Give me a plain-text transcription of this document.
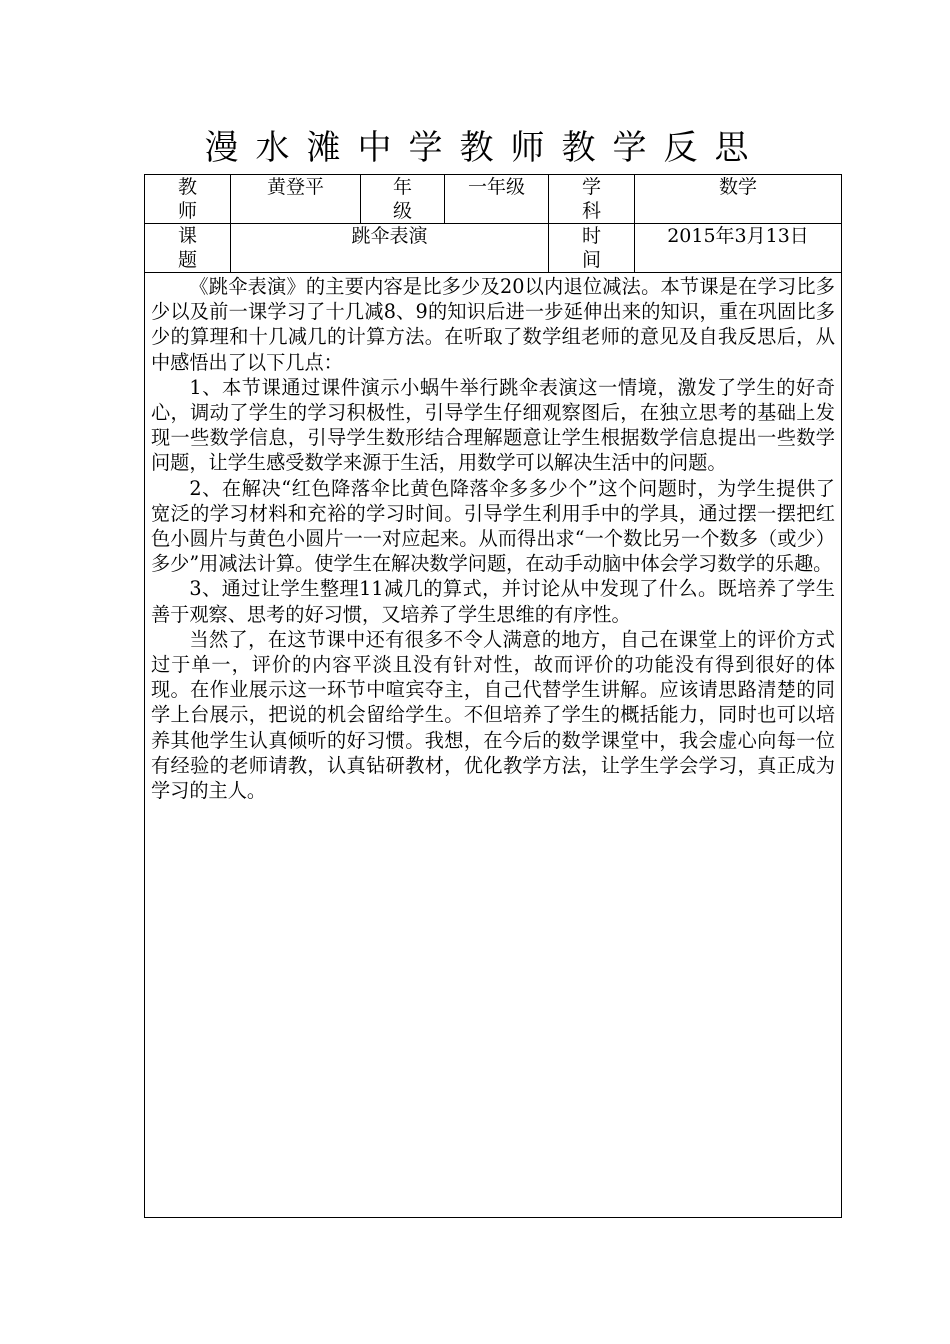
漫水滩中学教师教学反思
教 师	黄登平	年 级	一年级	学 科	数学
课 题	跳伞表演			时 间	2015年3月13日

《跳伞表演》的主要内容是比多少及20以内退位减法。本节课是在学习比多少以及前一课学习了十几减8、9的知识后进一步延伸出来的知识，重在巩固比多少的算理和十几减几的计算方法。在听取了数学组老师的意见及自我反思后，从中感悟出了以下几点：

1、本节课通过课件演示小蜗牛举行跳伞表演这一情境，激发了学生的好奇心，调动了学生的学习积极性，引导学生仔细观察图后，在独立思考的基础上发现一些数学信息，引导学生数形结合理解题意让学生根据数学信息提出一些数学问题，让学生感受数学来源于生活，用数学可以解决生活中的问题。

2、在解决“红色降落伞比黄色降落伞多多少个”这个问题时，为学生提供了宽泛的学习材料和充裕的学习时间。引导学生利用手中的学具，通过摆一摆把红色小圆片与黄色小圆片一一对应起来。从而得出求“一个数比另一个数多（或少）多少”用减法计算。使学生在解决数学问题，在动手动脑中体会学习数学的乐趣。

3、通过让学生整理11减几的算式，并讨论从中发现了什么。既培养了学生善于观察、思考的好习惯，又培养了学生思维的有序性。

当然了，在这节课中还有很多不令人满意的地方，自己在课堂上的评价方式过于单一，评价的内容平淡且没有针对性，故而评价的功能没有得到很好的体现。在作业展示这一环节中喧宾夺主，自己代替学生讲解。应该请思路清楚的同学上台展示，把说的机会留给学生。不但培养了学生的概括能力，同时也可以培养其他学生认真倾听的好习惯。我想，在今后的数学课堂中，我会虚心向每一位有经验的老师请教，认真钻研教材，优化教学方法，让学生学会学习，真正成为学习的主人。					
